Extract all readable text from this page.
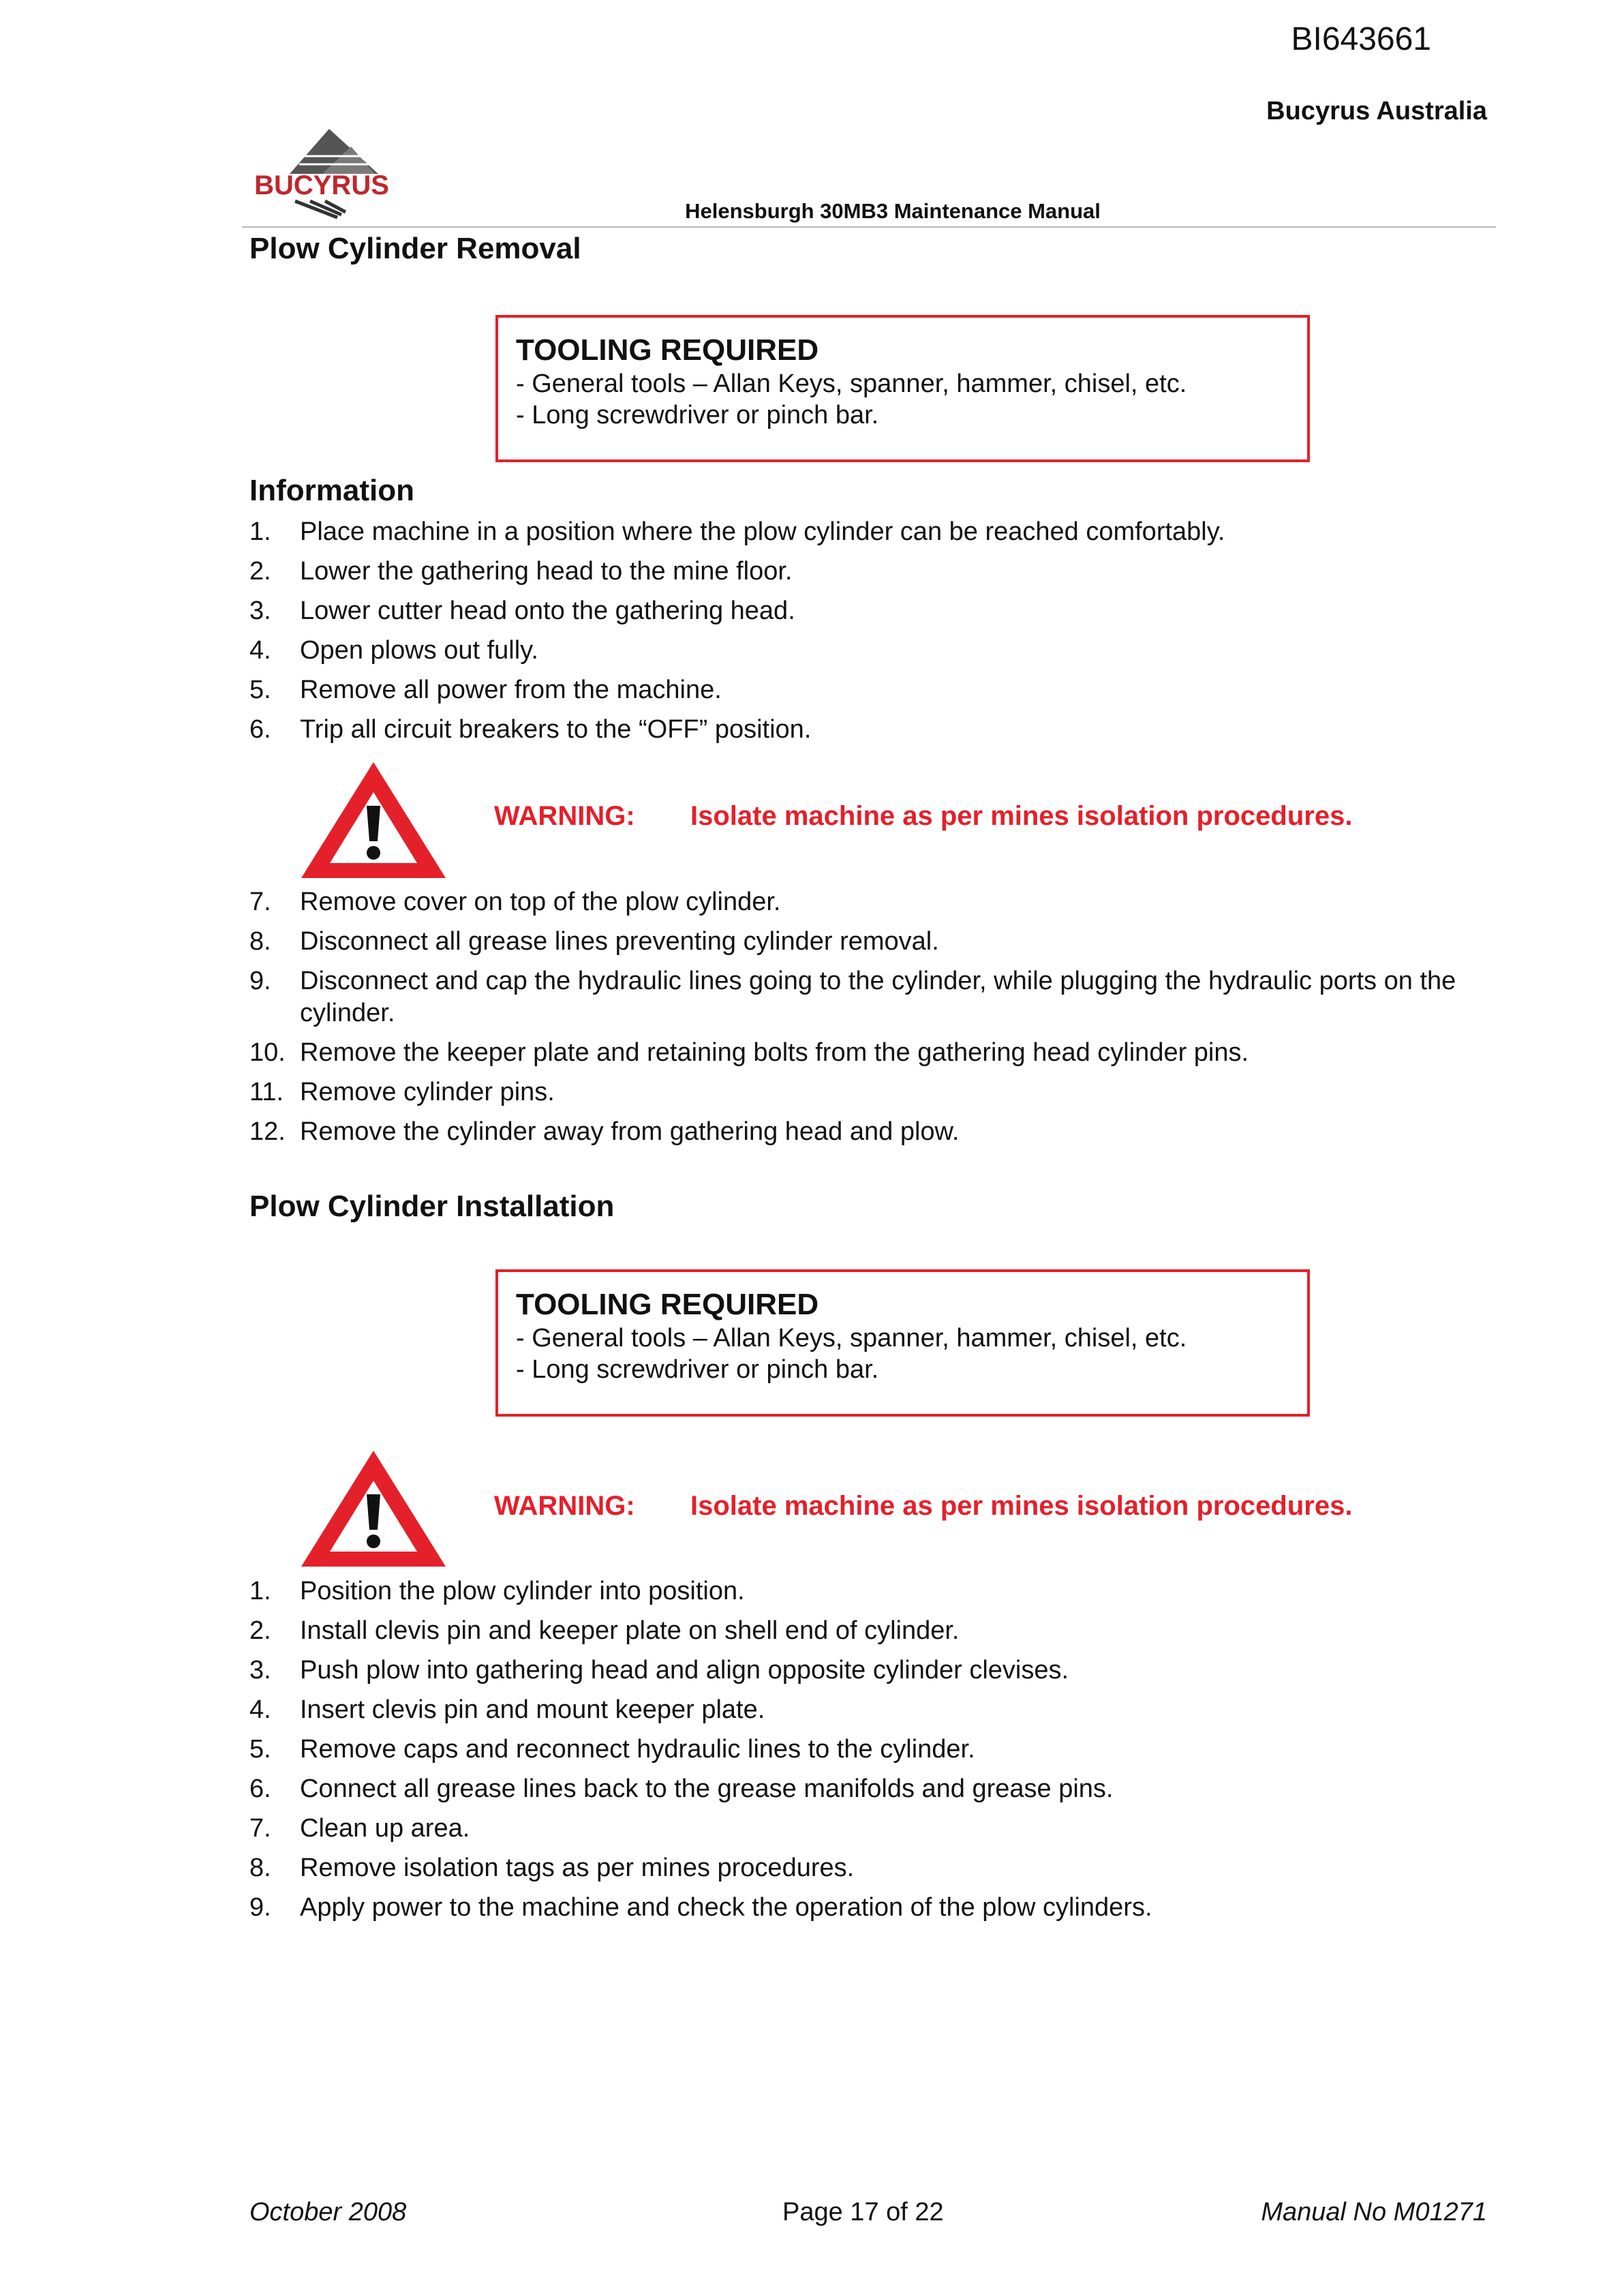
BI643661
Bucyrus Australia
BUCYRUS
Helensburgh 30MB3 Maintenance Manual
Plow Cylinder Removal
TOOLING REQUIRED
- General tools – Allan Keys, spanner, hammer, chisel, etc.
- Long screwdriver or pinch bar.
Information
1. Place machine in a position where the plow cylinder can be reached comfortably.
2. Lower the gathering head to the mine floor.
3. Lower cutter head onto the gathering head.
4. Open plows out fully.
5. Remove all power from the machine.
6. Trip all circuit breakers to the “OFF” position.
WARNING: Isolate machine as per mines isolation procedures.
7. Remove cover on top of the plow cylinder.
8. Disconnect all grease lines preventing cylinder removal.
9. Disconnect and cap the hydraulic lines going to the cylinder, while plugging the hydraulic ports on the cylinder.
10. Remove the keeper plate and retaining bolts from the gathering head cylinder pins.
11. Remove cylinder pins.
12. Remove the cylinder away from gathering head and plow.
Plow Cylinder Installation
TOOLING REQUIRED
- General tools – Allan Keys, spanner, hammer, chisel, etc.
- Long screwdriver or pinch bar.
WARNING: Isolate machine as per mines isolation procedures.
1. Position the plow cylinder into position.
2. Install clevis pin and keeper plate on shell end of cylinder.
3. Push plow into gathering head and align opposite cylinder clevises.
4. Insert clevis pin and mount keeper plate.
5. Remove caps and reconnect hydraulic lines to the cylinder.
6. Connect all grease lines back to the grease manifolds and grease pins.
7. Clean up area.
8. Remove isolation tags as per mines procedures.
9. Apply power to the machine and check the operation of the plow cylinders.
October 2008	Page 17 of 22	Manual No M01271
